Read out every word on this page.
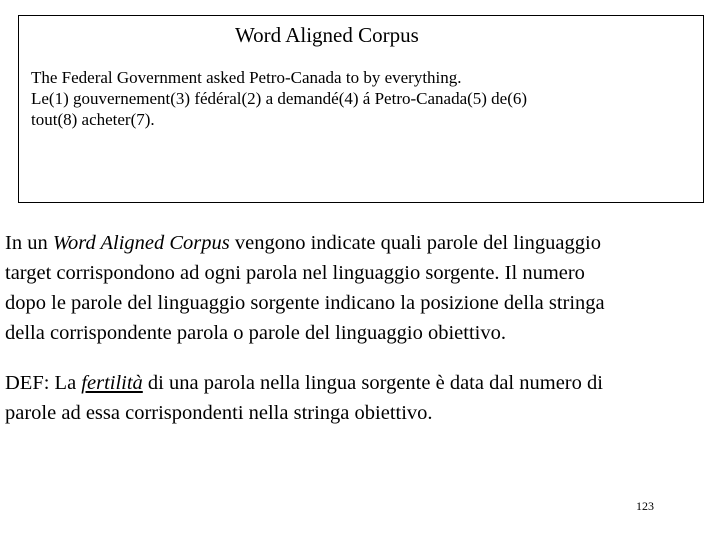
Word Aligned Corpus
The Federal Government asked Petro-Canada to by everything.
Le(1) gouvernement(3) fédéral(2) a demandé(4) á Petro-Canada(5) de(6)
tout(8) acheter(7).
In un Word Aligned Corpus vengono indicate quali parole del linguaggio
target corrispondono ad ogni parola nel linguaggio sorgente. Il numero
dopo le parole del linguaggio sorgente indicano la posizione della stringa
della corrispondente parola o parole del linguaggio obiettivo.
DEF: La fertilità di una parola nella lingua sorgente è data dal numero di
parole ad essa corrispondenti nella stringa obiettivo.
123
